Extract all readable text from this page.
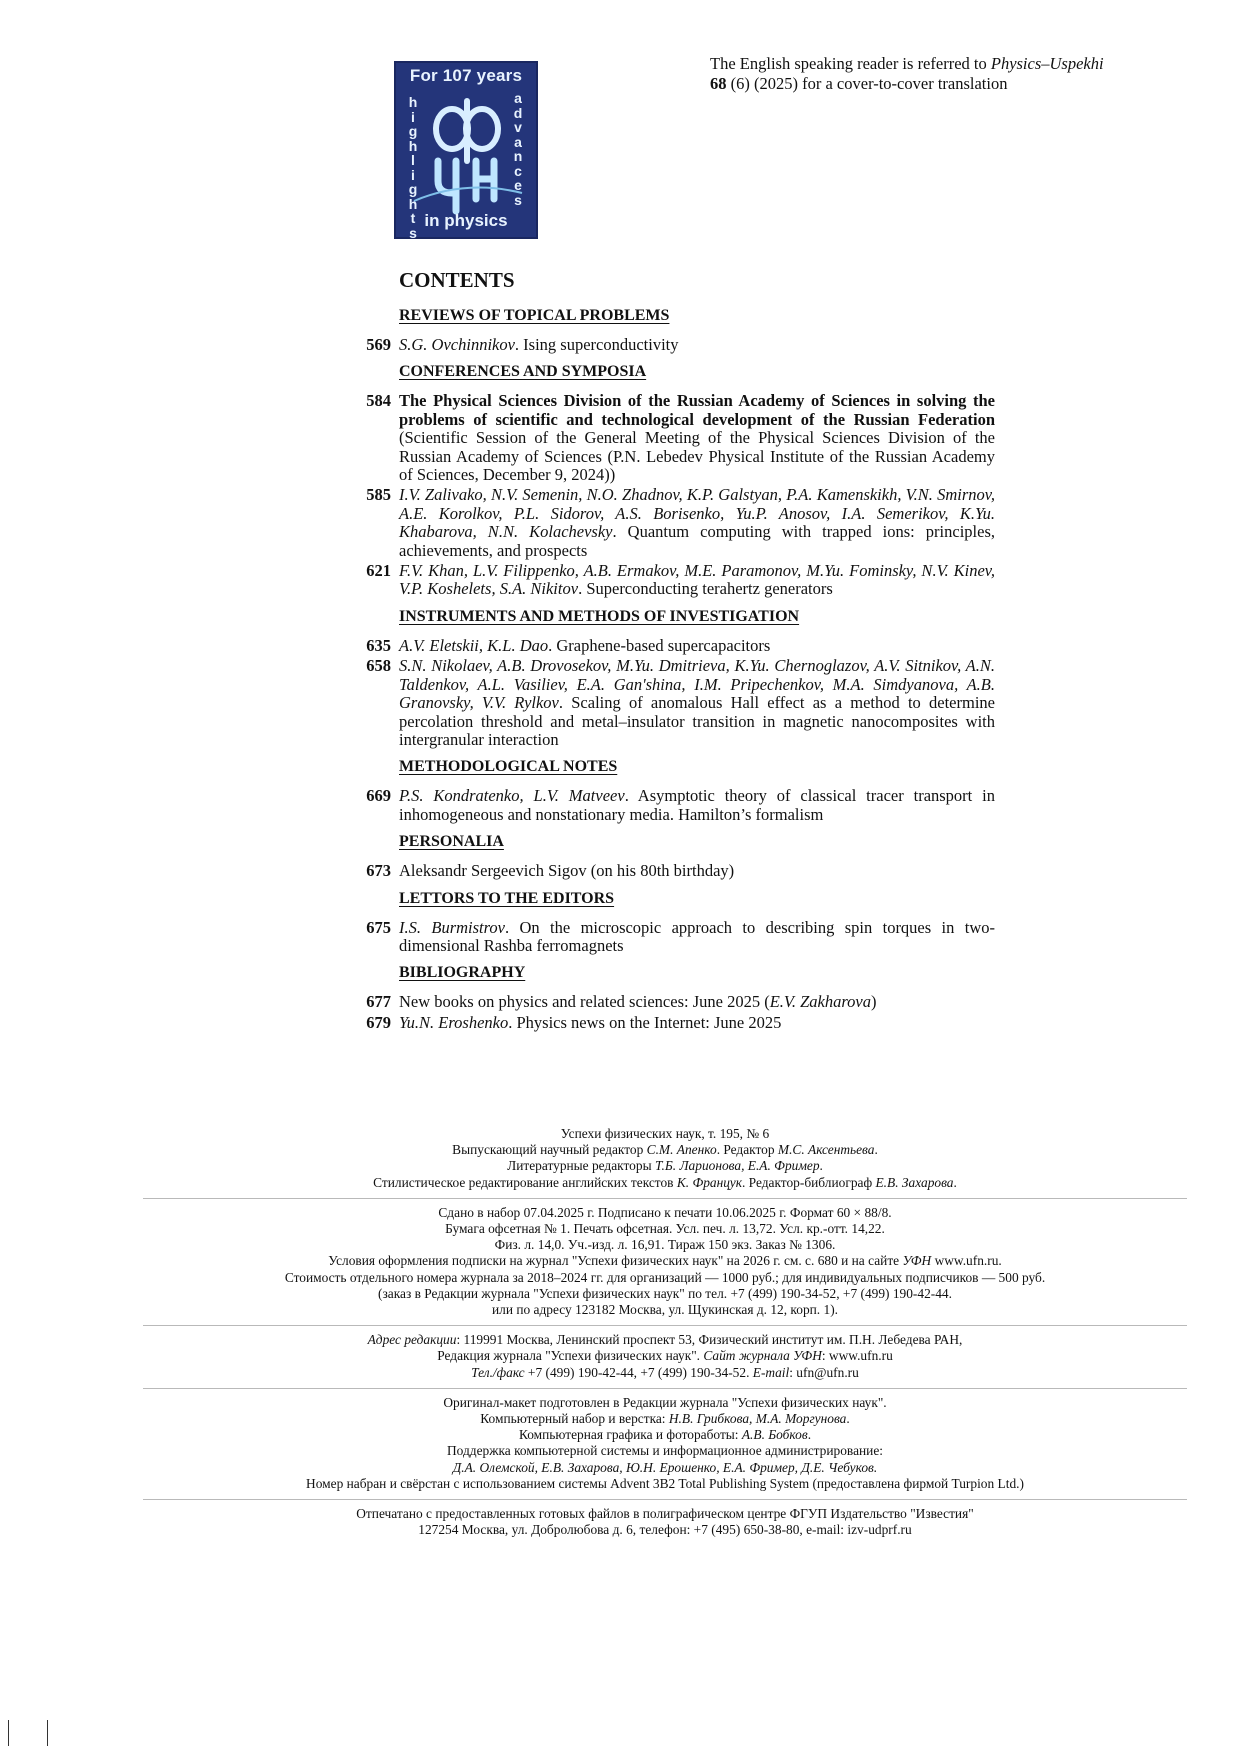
For 107 years
h
i
g
h
l
i
g
h
t
s
a
d
v
a
n
c
e
s
in physics
The English speaking reader is referred to Physics–Uspekhi
68 (6) (2025) for a cover-to-cover translation
CONTENTS
REVIEWS OF TOPICAL PROBLEMS
569 S.G. Ovchinnikov. Ising superconductivity
CONFERENCES AND SYMPOSIA
584 The Physical Sciences Division of the Russian Academy of Sciences in solving the problems of scientific and technological development of the Russian Federation (Scientific Session of the General Meeting of the Physical Sciences Division of the Russian Academy of Sciences (P.N. Lebedev Physical Institute of the Russian Academy of Sciences, December 9, 2024))
585 I.V. Zalivako, N.V. Semenin, N.O. Zhadnov, K.P. Galstyan, P.A. Kamenskikh, V.N. Smirnov, A.E. Korolkov, P.L. Sidorov, A.S. Borisenko, Yu.P. Anosov, I.A. Semerikov, K.Yu. Khabarova, N.N. Kolachevsky. Quantum computing with trapped ions: principles, achievements, and prospects
621 F.V. Khan, L.V. Filippenko, A.B. Ermakov, M.E. Paramonov, M.Yu. Fominsky, N.V. Kinev, V.P. Koshelets, S.A. Nikitov. Superconducting terahertz generators
INSTRUMENTS AND METHODS OF INVESTIGATION
635 A.V. Eletskii, K.L. Dao. Graphene-based supercapacitors
658 S.N. Nikolaev, A.B. Drovosekov, M.Yu. Dmitrieva, K.Yu. Chernoglazov, A.V. Sitnikov, A.N. Taldenkov, A.L. Vasiliev, E.A. Gan'shina, I.M. Pripechenkov, M.A. Simdyanova, A.B. Granovsky, V.V. Rylkov. Scaling of anomalous Hall effect as a method to determine percolation threshold and metal–insulator transition in magnetic nanocomposites with intergranular interaction
METHODOLOGICAL NOTES
669 P.S. Kondratenko, L.V. Matveev. Asymptotic theory of classical tracer transport in inhomogeneous and nonstationary media. Hamilton’s formalism
PERSONALIA
673 Aleksandr Sergeevich Sigov (on his 80th birthday)
LETTORS TO THE EDITORS
675 I.S. Burmistrov. On the microscopic approach to describing spin torques in two-dimensional Rashba ferromagnets
BIBLIOGRAPHY
677 New books on physics and related sciences: June 2025 (E.V. Zakharova)
679 Yu.N. Eroshenko. Physics news on the Internet: June 2025
Успехи физических наук, т. 195, № 6
Выпускающий научный редактор С.М. Апенко. Редактор М.С. Аксентьева.
Литературные редакторы Т.Б. Ларионова, Е.А. Фример.
Стилистическое редактирование английских текстов К. Францук. Редактор-библиограф Е.В. Захарова.
Сдано в набор 07.04.2025 г. Подписано к печати 10.06.2025 г. Формат 60 × 88/8.
Бумага офсетная № 1. Печать офсетная. Усл. печ. л. 13,72. Усл. кр.-отт. 14,22.
Физ. л. 14,0. Уч.-изд. л. 16,91. Тираж 150 экз. Заказ № 1306.
Условия оформления подписки на журнал "Успехи физических наук" на 2026 г. см. с. 680 и на сайте УФН www.ufn.ru.
Стоимость отдельного номера журнала за 2018–2024 гг. для организаций — 1000 руб.; для индивидуальных подписчиков — 500 руб.
(заказ в Редакции журнала "Успехи физических наук" по тел. +7 (499) 190-34-52, +7 (499) 190-42-44.
или по адресу 123182 Москва, ул. Щукинская д. 12, корп. 1).
Адрес редакции: 119991 Москва, Ленинский проспект 53, Физический институт им. П.Н. Лебедева РАН,
Редакция журнала "Успехи физических наук". Сайт журнала УФН: www.ufn.ru
Тел./факс +7 (499) 190-42-44, +7 (499) 190-34-52. E-mail: ufn@ufn.ru
Оригинал-макет подготовлен в Редакции журнала "Успехи физических наук".
Компьютерный набор и верстка: Н.В. Грибкова, М.А. Моргунова.
Компьютерная графика и фоторaботы: А.В. Бобков.
Поддержка компьютерной системы и информационное администрирование:
Д.А. Олемской, Е.В. Захарова, Ю.Н. Ерошенко, Е.А. Фример, Д.Е. Чебуков.
Номер набран и свёрстан с использованием системы Advent 3B2 Total Publishing System (предоставлена фирмой Turpion Ltd.)
Отпечатано с предоставленных готовых файлов в полиграфическом центре ФГУП Издательство "Известия"
127254 Москва, ул. Добролюбова д. 6, телефон: +7 (495) 650-38-80, e-mail: izv-udprf.ru
